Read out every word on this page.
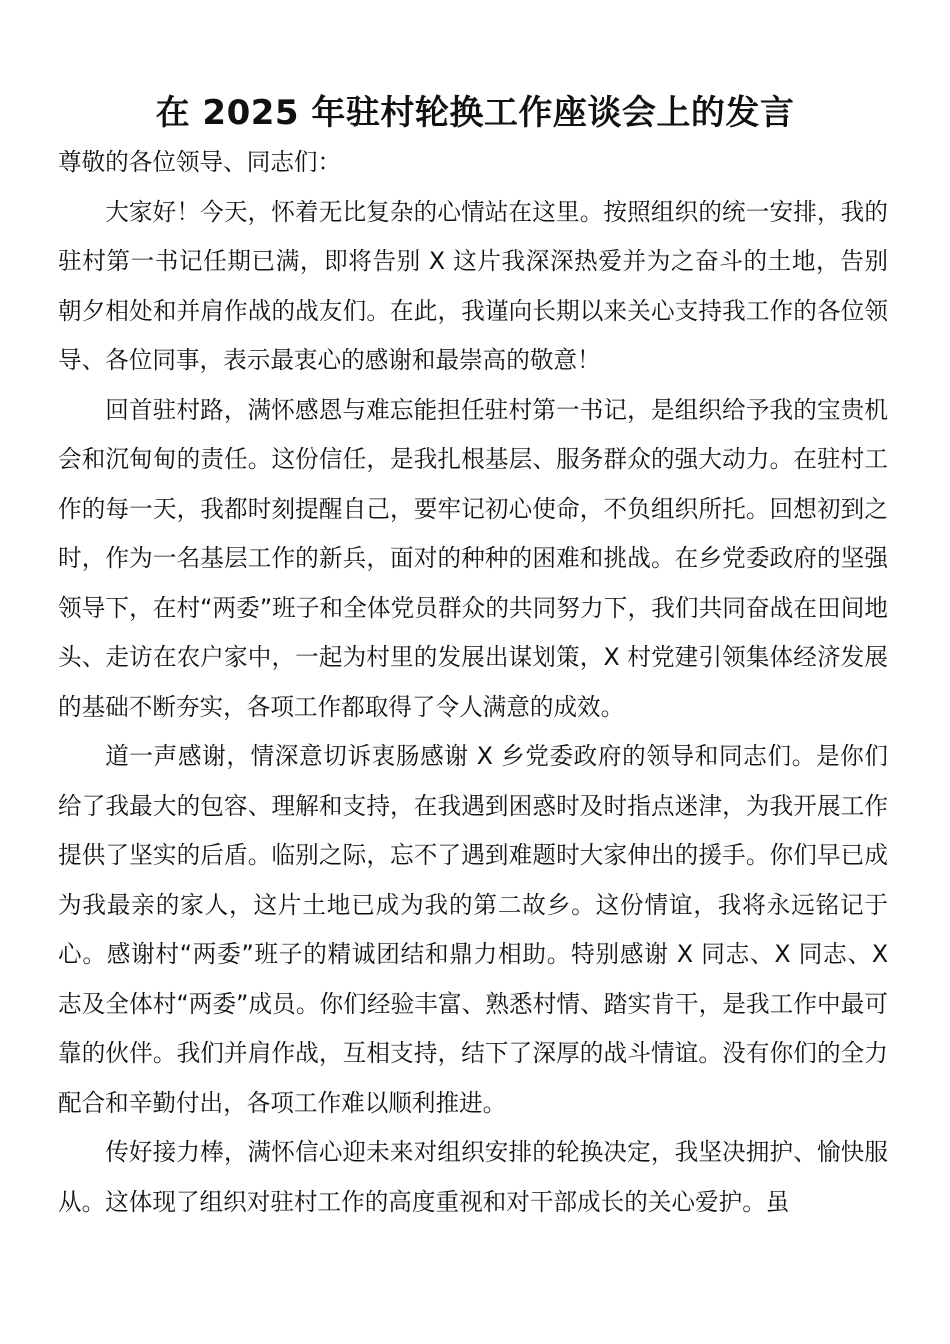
在 2025 年驻村轮换工作座谈会上的发言

尊敬的各位领导、同志们：

大家好！今天，怀着无比复杂的心情站在这里。按照组织的统一安排，我的驻村第一书记任期已满，即将告别 X 这片我深深热爱并为之奋斗的土地，告别朝夕相处和并肩作战的战友们。在此，我谨向长期以来关心支持我工作的各位领导、各位同事，表示最衷心的感谢和最崇高的敬意！

回首驻村路，满怀感恩与难忘能担任驻村第一书记，是组织给予我的宝贵机会和沉甸甸的责任。这份信任，是我扎根基层、服务群众的强大动力。在驻村工作的每一天，我都时刻提醒自己，要牢记初心使命，不负组织所托。回想初到之时，作为一名基层工作的新兵，面对的种种的困难和挑战。在乡党委政府的坚强领导下，在村“两委”班子和全体党员群众的共同努力下，我们共同奋战在田间地头、走访在农户家中，一起为村里的发展出谋划策，X 村党建引领集体经济发展的基础不断夯实，各项工作都取得了令人满意的成效。

道一声感谢，情深意切诉衷肠感谢 X 乡党委政府的领导和同志们。是你们给了我最大的包容、理解和支持，在我遇到困惑时及时指点迷津，为我开展工作提供了坚实的后盾。临别之际，忘不了遇到难题时大家伸出的援手。你们早已成为我最亲的家人，这片土地已成为我的第二故乡。这份情谊，我将永远铭记于心。感谢村“两委”班子的精诚团结和鼎力相助。特别感谢 X 同志、X 同志、X 志及全体村“两委”成员。你们经验丰富、熟悉村情、踏实肯干，是我工作中最可靠的伙伴。我们并肩作战，互相支持，结下了深厚的战斗情谊。没有你们的全力配合和辛勤付出，各项工作难以顺利推进。

传好接力棒，满怀信心迎未来对组织安排的轮换决定，我坚决拥护、愉快服从。这体现了组织对驻村工作的高度重视和对干部成长的关心爱护。虽
